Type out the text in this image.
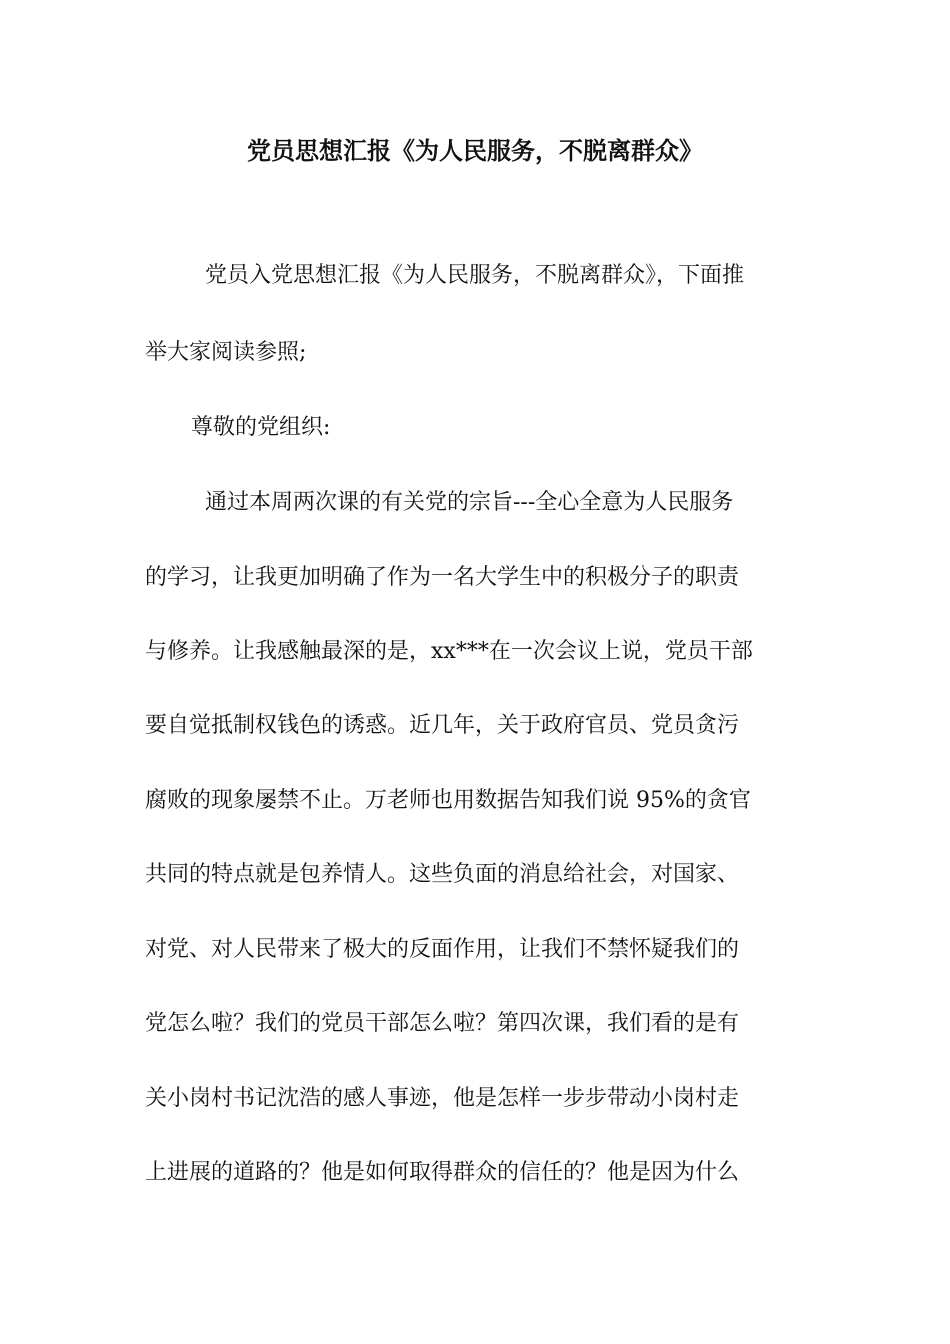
党员思想汇报《为人民服务，不脱离群众》

党员入党思想汇报《为人民服务，不脱离群众》，下面推

举大家阅读参照;

尊敬的党组织:

通过本周两次课的有关党的宗旨---全心全意为人民服务

的学习，让我更加明确了作为一名大学生中的积极分子的职责

与修养。让我感触最深的是，xx***在一次会议上说，党员干部

要自觉抵制权钱色的诱惑。近几年，关于政府官员、党员贪污

腐败的现象屡禁不止。万老师也用数据告知我们说 95%的贪官

共同的特点就是包养情人。这些负面的消息给社会，对国家、

对党、对人民带来了极大的反面作用，让我们不禁怀疑我们的

党怎么啦？我们的党员干部怎么啦？第四次课，我们看的是有

关小岗村书记沈浩的感人事迹，他是怎样一步步带动小岗村走

上进展的道路的？他是如何取得群众的信任的？他是因为什么
